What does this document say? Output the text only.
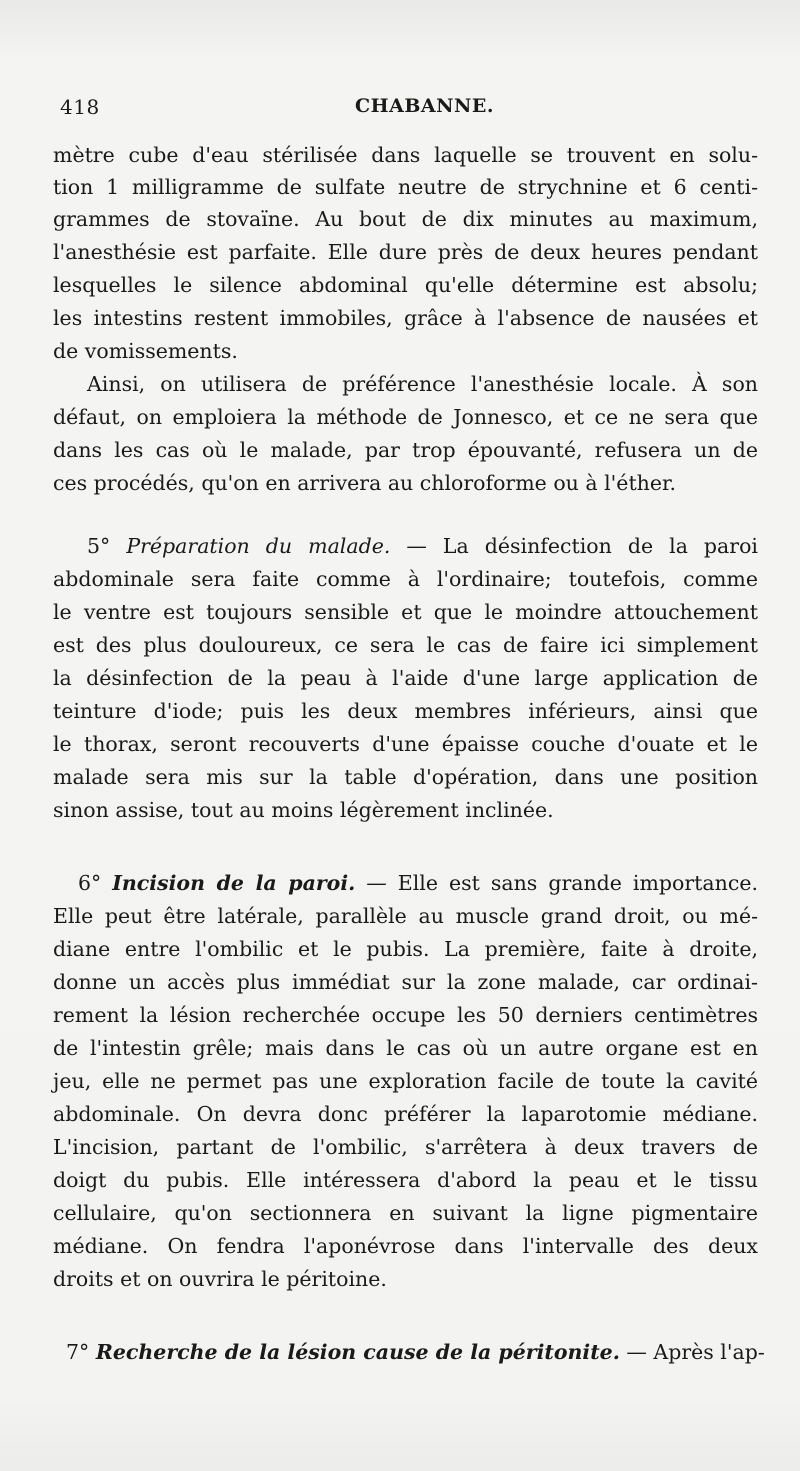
418	CHABANNE.
mètre cube d'eau stérilisée dans laquelle se trouvent en solu-
tion 1 milligramme de sulfate neutre de strychnine et 6 centi-
grammes de stovaïne. Au bout de dix minutes au maximum,
l'anesthésie est parfaite. Elle dure près de deux heures pendant
lesquelles le silence abdominal qu'elle détermine est absolu;
les intestins restent immobiles, grâce à l'absence de nausées et
de vomissements.
Ainsi, on utilisera de préférence l'anesthésie locale. À son
défaut, on emploiera la méthode de Jonnesco, et ce ne sera que
dans les cas où le malade, par trop épouvanté, refusera un de
ces procédés, qu'on en arrivera au chloroforme ou à l'éther.
5° Préparation du malade. — La désinfection de la paroi
abdominale sera faite comme à l'ordinaire; toutefois, comme
le ventre est toujours sensible et que le moindre attouchement
est des plus douloureux, ce sera le cas de faire ici simplement
la désinfection de la peau à l'aide d'une large application de
teinture d'iode; puis les deux membres inférieurs, ainsi que
le thorax, seront recouverts d'une épaisse couche d'ouate et le
malade sera mis sur la table d'opération, dans une position
sinon assise, tout au moins légèrement inclinée.
6° Incision de la paroi. — Elle est sans grande importance.
Elle peut être latérale, parallèle au muscle grand droit, ou mé-
diane entre l'ombilic et le pubis. La première, faite à droite,
donne un accès plus immédiat sur la zone malade, car ordinai-
rement la lésion recherchée occupe les 50 derniers centimètres
de l'intestin grêle; mais dans le cas où un autre organe est en
jeu, elle ne permet pas une exploration facile de toute la cavité
abdominale. On devra donc préférer la laparotomie médiane.
L'incision, partant de l'ombilic, s'arrêtera à deux travers de
doigt du pubis. Elle intéressera d'abord la peau et le tissu
cellulaire, qu'on sectionnera en suivant la ligne pigmentaire
médiane. On fendra l'aponévrose dans l'intervalle des deux
droits et on ouvrira le péritoine.
7° Recherche de la lésion cause de la péritonite. — Après l'ap-
